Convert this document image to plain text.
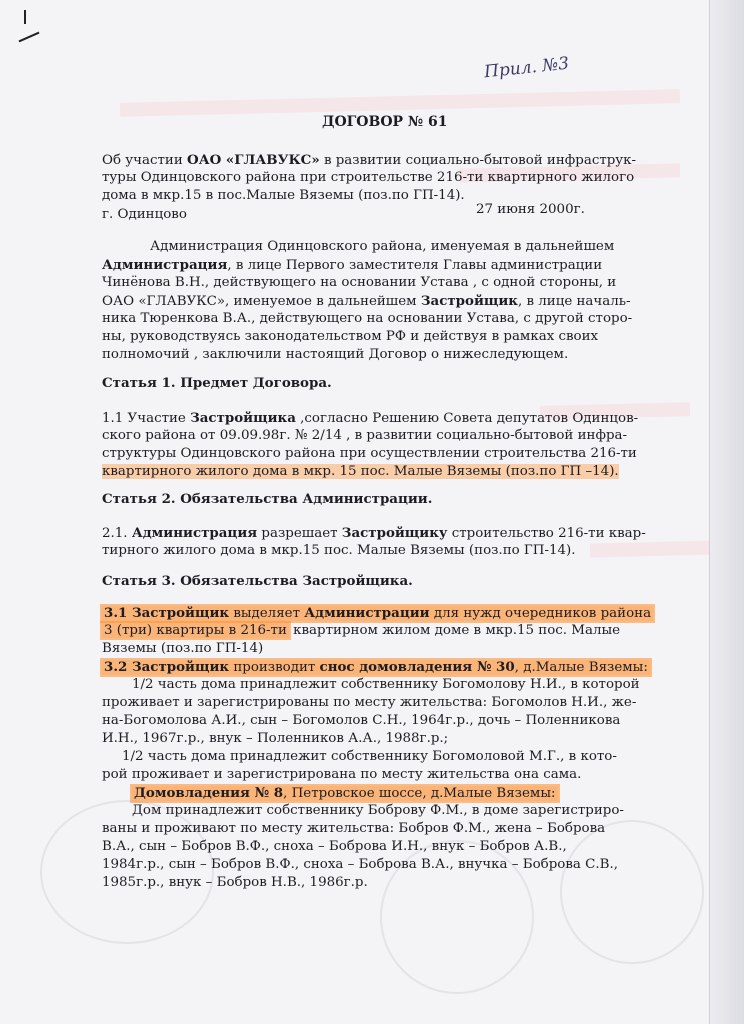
Прил. №3
ДОГОВОР № 61
Об участии ОАО «ГЛАВУКС» в развитии социально-бытовой инфраструк-
туры Одинцовского района при строительстве 216-ти квартирного жилого
дома в мкр.15 в пос.Малые Вяземы (поз.по ГП-14).
г. Одинцово	27 июня 2000г.
Администрация Одинцовского района, именуемая в дальнейшем
Администрация, в лице Первого заместителя Главы администрации
Чинёнова В.Н., действующего на основании Устава , с одной стороны, и
ОАО «ГЛАВУКС», именуемое в дальнейшем Застройщик, в лице началь-
ника Тюренкова В.А., действующего на основании Устава, с другой сторо-
ны, руководствуясь законодательством РФ и действуя в рамках своих
полномочий , заключили настоящий Договор о нижеследующем.
Статья 1. Предмет Договора.
1.1 Участие Застройщика ,согласно Решению Совета депутатов Одинцов-
ского района от 09.09.98г. № 2/14 , в развитии социально-бытовой инфра-
структуры Одинцовского района при осуществлении строительства 216-ти
квартирного жилого дома в мкр. 15 пос. Малые Вяземы (поз.по ГП –14).
Статья 2. Обязательства Администрации.
2.1. Администрация разрешает Застройщику строительство 216-ти квар-
тирного жилого дома в мкр.15 пос. Малые Вяземы (поз.по ГП-14).
Статья 3. Обязательства Застройщика.
3.1 Застройщик выделяет Администрации для нужд очередников района
3 (три) квартиры в 216-ти квартирном жилом доме в мкр.15 пос. Малые
Вяземы (поз.по ГП-14)
3.2 Застройщик производит снос домовладения № 30, д.Малые Вяземы:
1/2 часть дома принадлежит собственнику Богомолову Н.И., в которой
проживает и зарегистрированы по месту жительства: Богомолов Н.И., же-
на-Богомолова А.И., сын – Богомолов С.Н., 1964г.р., дочь – Поленникова
И.Н., 1967г.р., внук – Поленников А.А., 1988г.р.;
1/2 часть дома принадлежит собственнику Богомоловой М.Г., в кото-
рой проживает и зарегистрирована по месту жительства она сама.
Домовладения № 8, Петровское шоссе, д.Малые Вяземы:
Дом принадлежит собственнику Боброву Ф.М., в доме зарегистриро-
ваны и проживают по месту жительства: Бобров Ф.М., жена – Боброва
В.А., сын – Бобров В.Ф., сноха – Боброва И.Н., внук – Бобров А.В.,
1984г.р., сын – Бобров В.Ф., сноха – Боброва В.А., внучка – Боброва С.В.,
1985г.р., внук – Бобров Н.В., 1986г.р.
